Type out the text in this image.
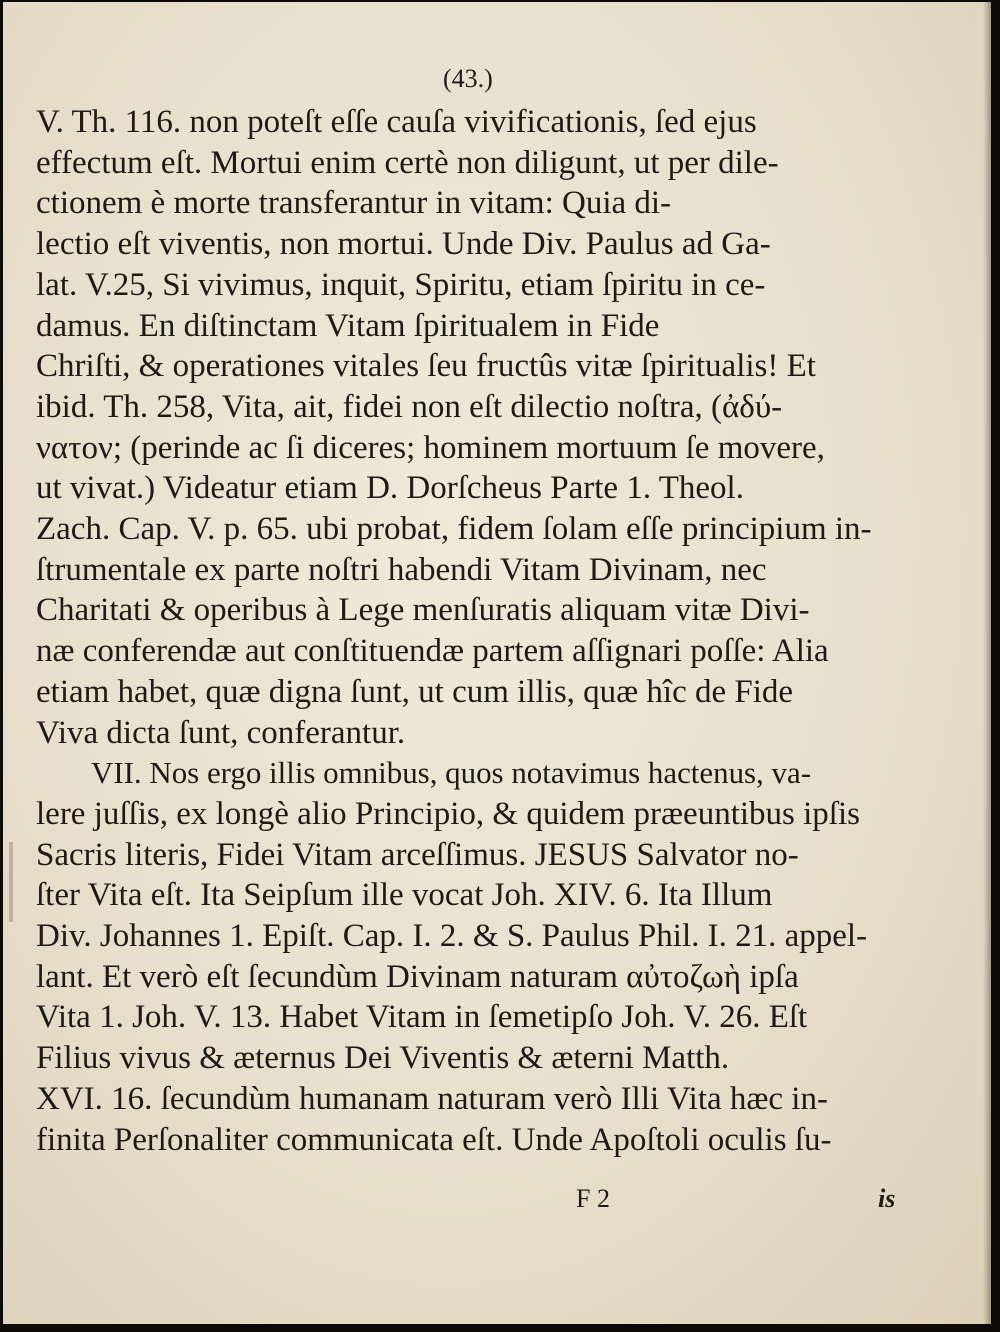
(43.)
V. Th. 116. non poteſt eſſe cauſa vivificationis, ſed ejus
effectum eſt. Mortui enim certè non diligunt, ut per dile-
ctionem è morte transferantur in vitam: Quia di-
lectio eſt viventis, non mortui. Unde Div. Paulus ad Ga-
lat. V.25, Si vivimus, inquit, Spiritu, etiam ſpiritu in ce-
damus. En diſtinctam Vitam ſpiritualem in Fide
Chriſti, & operationes vitales ſeu fructûs vitæ ſpiritualis! Et
ibid. Th. 258, Vita, ait, fidei non eſt dilectio noſtra, (ἀδύ-
νατον; (perinde ac ſi diceres; hominem mortuum ſe movere,
ut vivat.) Videatur etiam D. Dorſcheus Parte 1. Theol.
Zach. Cap. V. p. 65. ubi probat, fidem ſolam eſſe principium in-
ſtrumentale ex parte noſtri habendi Vitam Divinam, nec
Charitati & operibus à Lege menſuratis aliquam vitæ Divi-
næ conferendæ aut conſtituendæ partem aſſignari poſſe: Alia
etiam habet, quæ digna ſunt, ut cum illis, quæ hîc de Fide
Viva dicta ſunt, conferantur.
VII. Nos ergo illis omnibus, quos notavimus hactenus, va-
lere juſſis, ex longè alio Principio, & quidem præeuntibus ipſis
Sacris literis, Fidei Vitam arceſſimus. JESUS Salvator no-
ſter Vita eſt. Ita Seipſum ille vocat Joh. XIV. 6. Ita Illum
Div. Johannes 1. Epiſt. Cap. I. 2. & S. Paulus Phil. I. 21. appel-
lant. Et verò eſt ſecundùm Divinam naturam αὐτοζωὴ ipſa
Vita 1. Joh. V. 13. Habet Vitam in ſemetipſo Joh. V. 26. Eſt
Filius vivus & æternus Dei Viventis & æterni Matth.
XVI. 16. ſecundùm humanam naturam verò Illi Vita hæc in-
finita Perſonaliter communicata eſt. Unde Apoſtoli oculis ſu-
F 2	is
